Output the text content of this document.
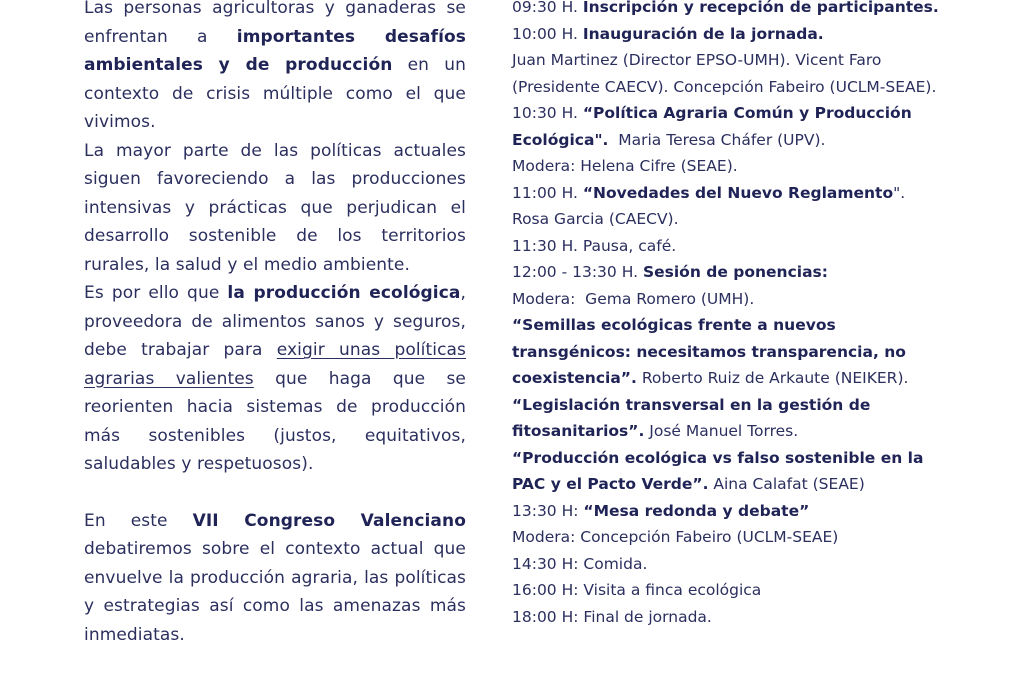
Las personas agricultoras y ganaderas se enfrentan a importantes desafíos ambientales y de producción en un contexto de crisis múltiple como el que vivimos.

La mayor parte de las políticas actuales siguen favoreciendo a las producciones intensivas y prácticas que perjudican el desarrollo sostenible de los territorios rurales, la salud y el medio ambiente.

Es por ello que la producción ecológica, proveedora de alimentos sanos y seguros, debe trabajar para exigir unas políticas agrarias valientes que haga que se reorienten hacia sistemas de producción más sostenibles (justos, equitativos, saludables y respetuosos).

En este VII Congreso Valenciano debatiremos sobre el contexto actual que envuelve la producción agraria, las políticas y estrategias así como las amenazas más inmediatas.

09:30 H. Inscripción y recepción de participantes.

10:00 H. Inauguración de la jornada.

Juan Martinez (Director EPSO-UMH). Vicent Faro (Presidente CAECV). Concepción Fabeiro (UCLM-SEAE).

10:30 H. “Política Agraria Común y Producción Ecológica".  Maria Teresa Cháfer (UPV).

Modera: Helena Cifre (SEAE).

11:00 H. “Novedades del Nuevo Reglamento". Rosa Garcia (CAECV).

11:30 H. Pausa, café.

12:00 - 13:30 H. Sesión de ponencias:

Modera:  Gema Romero (UMH).

“Semillas ecológicas frente a nuevos transgénicos: necesitamos transparencia, no coexistencia”. Roberto Ruiz de Arkaute (NEIKER).

“Legislación transversal en la gestión de fitosanitarios”. José Manuel Torres.

“Producción ecológica vs falso sostenible en la PAC y el Pacto Verde”. Aina Calafat (SEAE)

13:30 H: “Mesa redonda y debate”

Modera: Concepción Fabeiro (UCLM-SEAE)

14:30 H: Comida.

16:00 H: Visita a finca ecológica

18:00 H: Final de jornada.
